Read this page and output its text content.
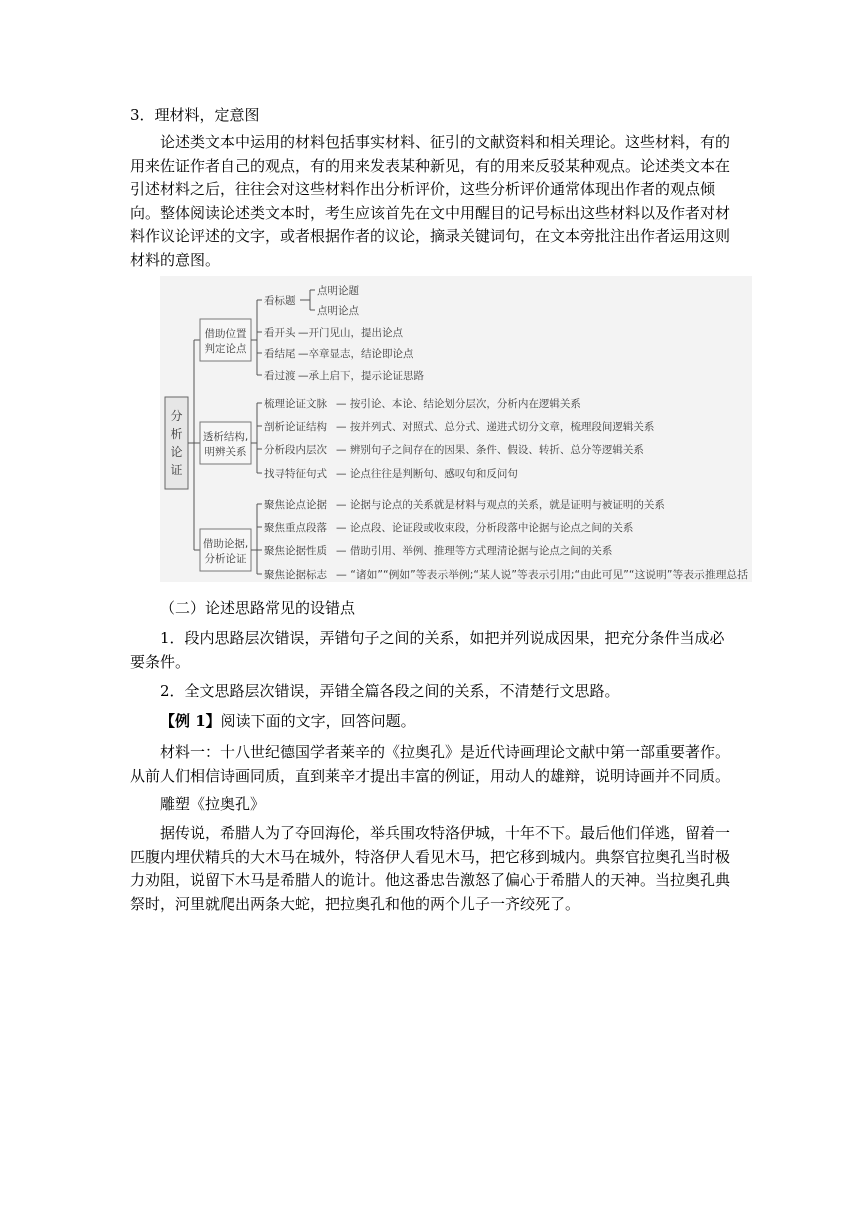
3．理材料，定意图

论述类文本中运用的材料包括事实材料、征引的文献资料和相关理论。这些材料，有的用来佐证作者自己的观点，有的用来发表某种新见，有的用来反驳某种观点。论述类文本在引述材料之后，往往会对这些材料作出分析评价，这些分析评价通常体现出作者的观点倾向。整体阅读论述类文本时，考生应该首先在文中用醒目的记号标出这些材料以及作者对材料作议论评述的文字，或者根据作者的议论，摘录关键词句，在文本旁批注出作者运用这则材料的意图。

分
析
论
证
借助位置
判定论点
透析结构,
明辨关系
借助论据,
分析论证
看标题
点明论题
点明论点
看开头 —开门见山，提出论点
看结尾 —卒章显志，结论即论点
看过渡 —承上启下，提示论证思路
梳理论证文脉 — 按引论、本论、结论划分层次，分析内在逻辑关系
剖析论证结构 — 按并列式、对照式、总分式、递进式切分文章，梳理段间逻辑关系
分析段内层次 — 辨别句子之间存在的因果、条件、假设、转折、总分等逻辑关系
找寻特征句式 — 论点往往是判断句、感叹句和反问句
聚焦论点论据 — 论据与论点的关系就是材料与观点的关系，就是证明与被证明的关系
聚焦重点段落 — 论点段、论证段或收束段，分析段落中论据与论点之间的关系
聚焦论据性质 — 借助引用、举例、推理等方式理清论据与论点之间的关系
聚焦论据标志 — “诸如”“例如”等表示举例;“某人说”等表示引用;“由此可见”“这说明”等表示推理总括

（二）论述思路常见的设错点

1．段内思路层次错误，弄错句子之间的关系，如把并列说成因果，把充分条件当成必要条件。

2．全文思路层次错误，弄错全篇各段之间的关系，不清楚行文思路。

【例 1】阅读下面的文字，回答问题。

材料一：十八世纪德国学者莱辛的《拉奥孔》是近代诗画理论文献中第一部重要著作。从前人们相信诗画同质，直到莱辛才提出丰富的例证，用动人的雄辩，说明诗画并不同质。

雕塑《拉奥孔》

据传说，希腊人为了夺回海伦，举兵围攻特洛伊城，十年不下。最后他们佯逃，留着一匹腹内埋伏精兵的大木马在城外，特洛伊人看见木马，把它移到城内。典祭官拉奥孔当时极力劝阻，说留下木马是希腊人的诡计。他这番忠告激怒了偏心于希腊人的天神。当拉奥孔典祭时，河里就爬出两条大蛇，把拉奥孔和他的两个儿子一齐绞死了。
